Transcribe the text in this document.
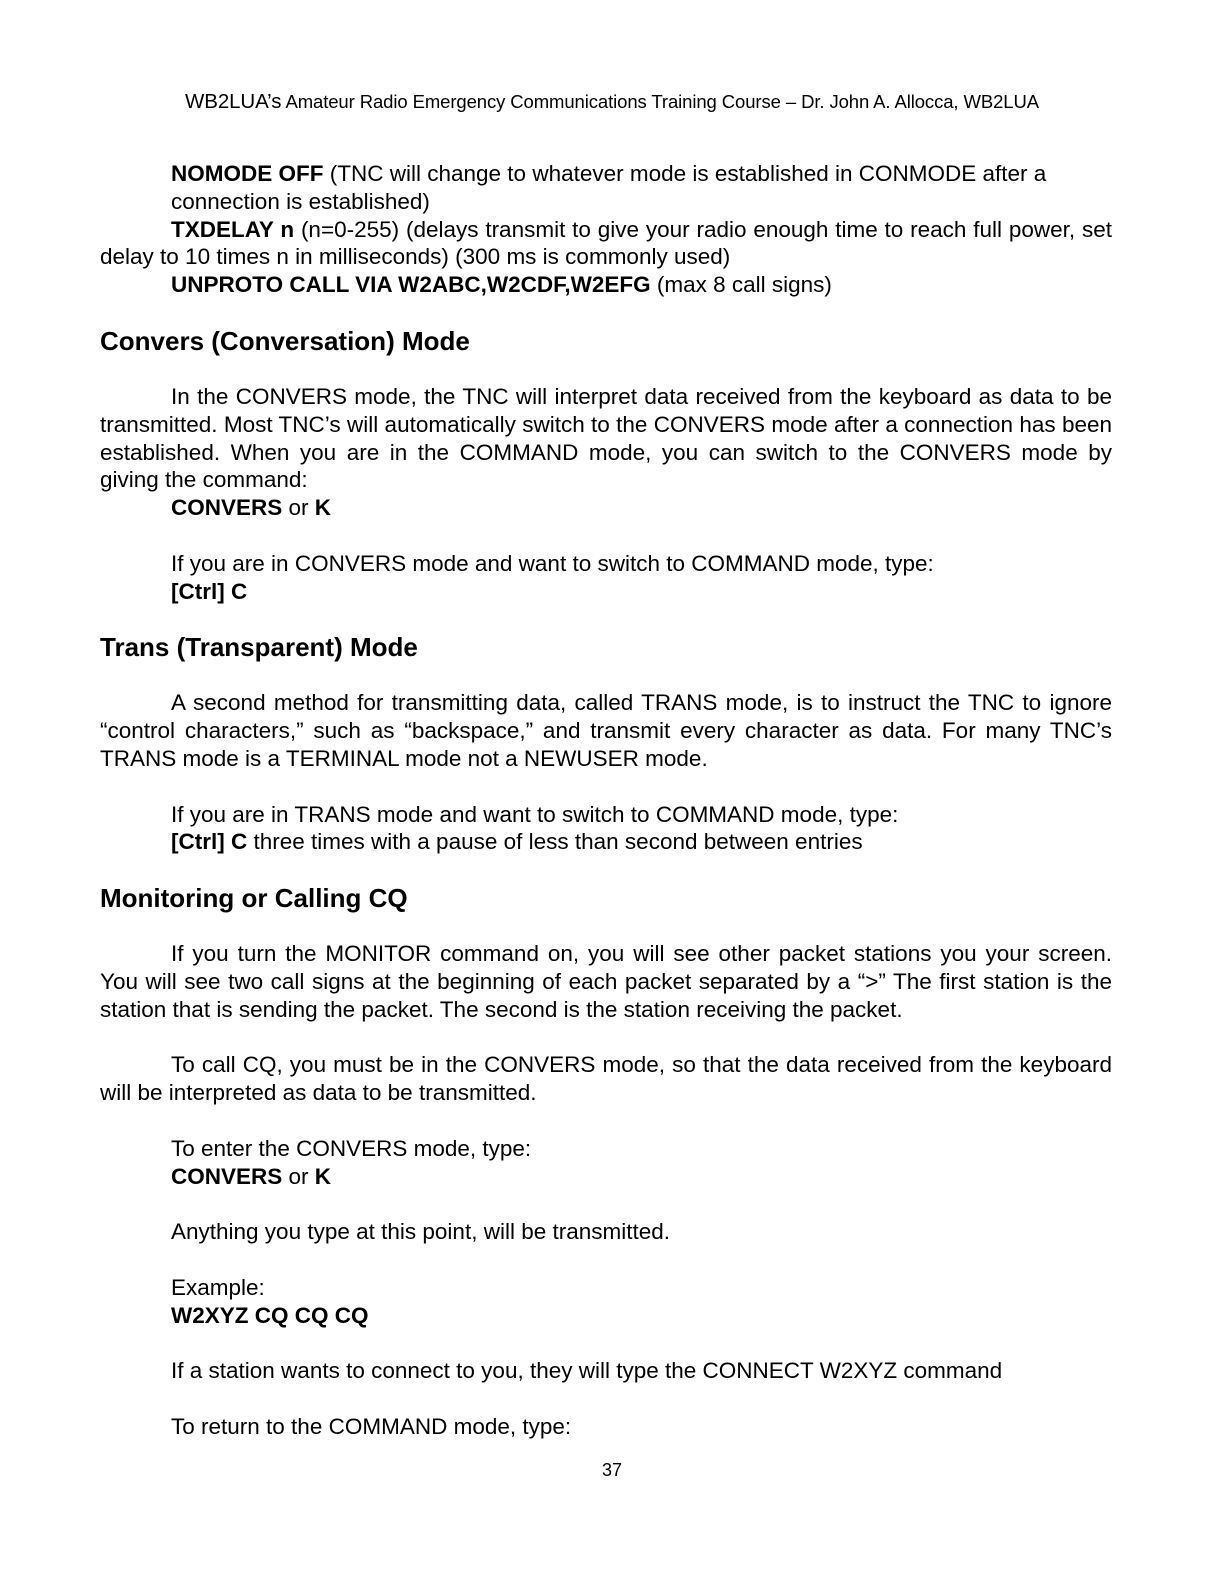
WB2LUA’s Amateur Radio Emergency Communications Training Course – Dr. John A. Allocca, WB2LUA

NOMODE OFF (TNC will change to whatever mode is established in CONMODE after a

connection is established)

TXDELAY n (n=0-255) (delays transmit to give your radio enough time to reach full power, set delay to 10 times n in milliseconds) (300 ms is commonly used)

UNPROTO CALL VIA W2ABC,W2CDF,W2EFG (max 8 call signs)

Convers (Conversation) Mode

In the CONVERS mode, the TNC will interpret data received from the keyboard as data to be transmitted. Most TNC’s will automatically switch to the CONVERS mode after a connection has been established. When you are in the COMMAND mode, you can switch to the CONVERS mode by giving the command:

CONVERS or K

If you are in CONVERS mode and want to switch to COMMAND mode, type:

[Ctrl] C

Trans (Transparent) Mode

A second method for transmitting data, called TRANS mode, is to instruct the TNC to ignore “control characters,” such as “backspace,” and transmit every character as data. For many TNC’s TRANS mode is a TERMINAL mode not a NEWUSER mode.

If you are in TRANS mode and want to switch to COMMAND mode, type:

[Ctrl] C three times with a pause of less than second between entries

Monitoring or Calling CQ

If you turn the MONITOR command on, you will see other packet stations you your screen. You will see two call signs at the beginning of each packet separated by a “>” The first station is the station that is sending the packet. The second is the station receiving the packet.

To call CQ, you must be in the CONVERS mode, so that the data received from the keyboard will be interpreted as data to be transmitted.

To enter the CONVERS mode, type:

CONVERS or K

Anything you type at this point, will be transmitted.

Example:

W2XYZ CQ CQ CQ

If a station wants to connect to you, they will type the CONNECT W2XYZ command

To return to the COMMAND mode, type:

37
